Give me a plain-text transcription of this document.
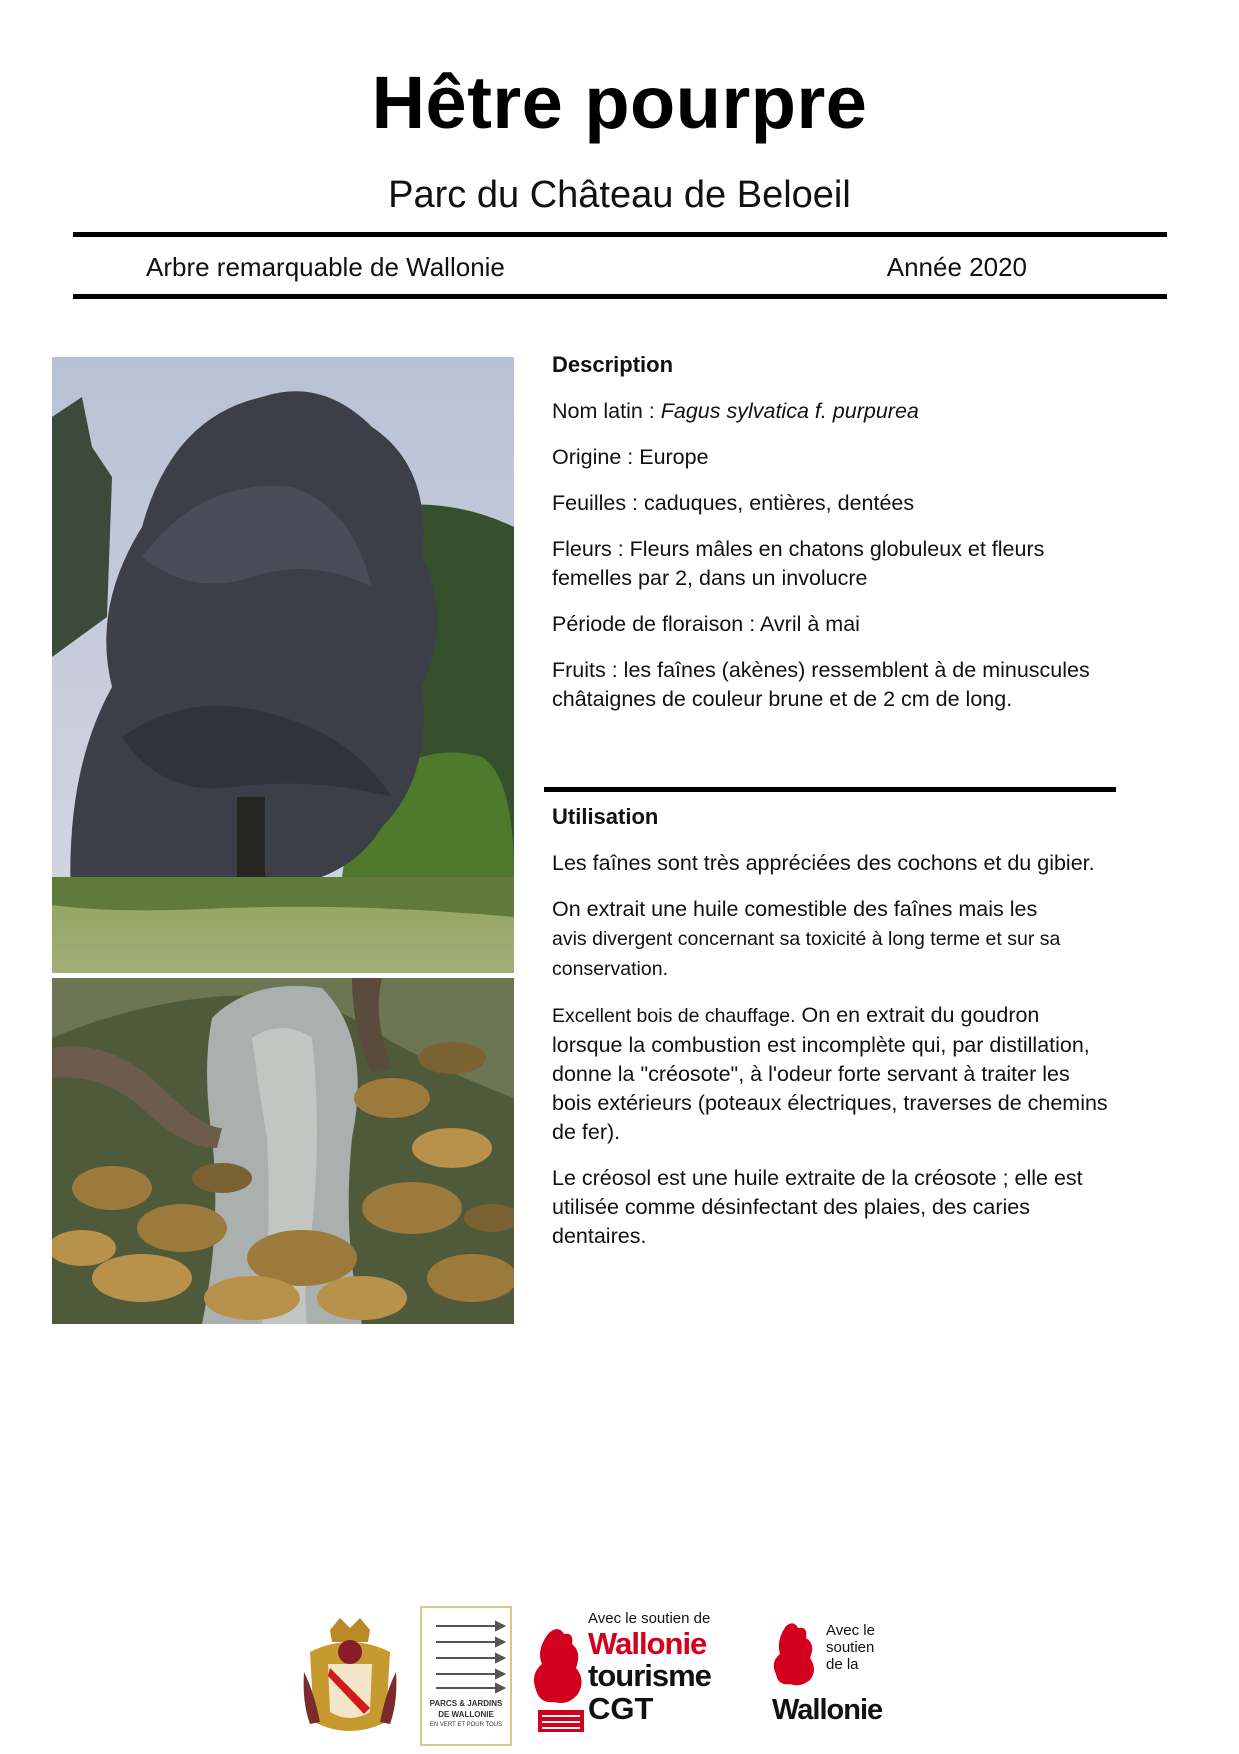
Hêtre pourpre
Parc du Château de Beloeil
Arbre remarquable de Wallonie	Année 2020

Description

Nom latin : Fagus sylvatica f. purpurea

Origine : Europe

Feuilles : caduques, entières, dentées

Fleurs : Fleurs mâles en chatons globuleux et fleurs femelles par 2, dans un involucre

Période de floraison : Avril à mai

Fruits : les faînes (akènes) ressemblent à de minuscules châtaignes de couleur brune et de 2 cm de long.

Utilisation

Les faînes sont très appréciées des cochons et du gibier.

On extrait une huile comestible des faînes mais les
avis divergent concernant sa toxicité à long terme et sur sa conservation.

Excellent bois de chauffage. On en extrait du goudron lorsque la combustion est incomplète qui, par distillation, donne la "créosote", à l'odeur forte servant à traiter les bois extérieurs (poteaux électriques, traverses de chemins de fer).

Le créosol est une huile extraite de la créosote ; elle est utilisée comme désinfectant des plaies, des caries dentaires.

PARCS & JARDINS
DE WALLONIE
EN VERT ET POUR TOUS
Avec le soutien de
Wallonie
tourisme
CGT
Avec le
soutien
de la
Wallonie
